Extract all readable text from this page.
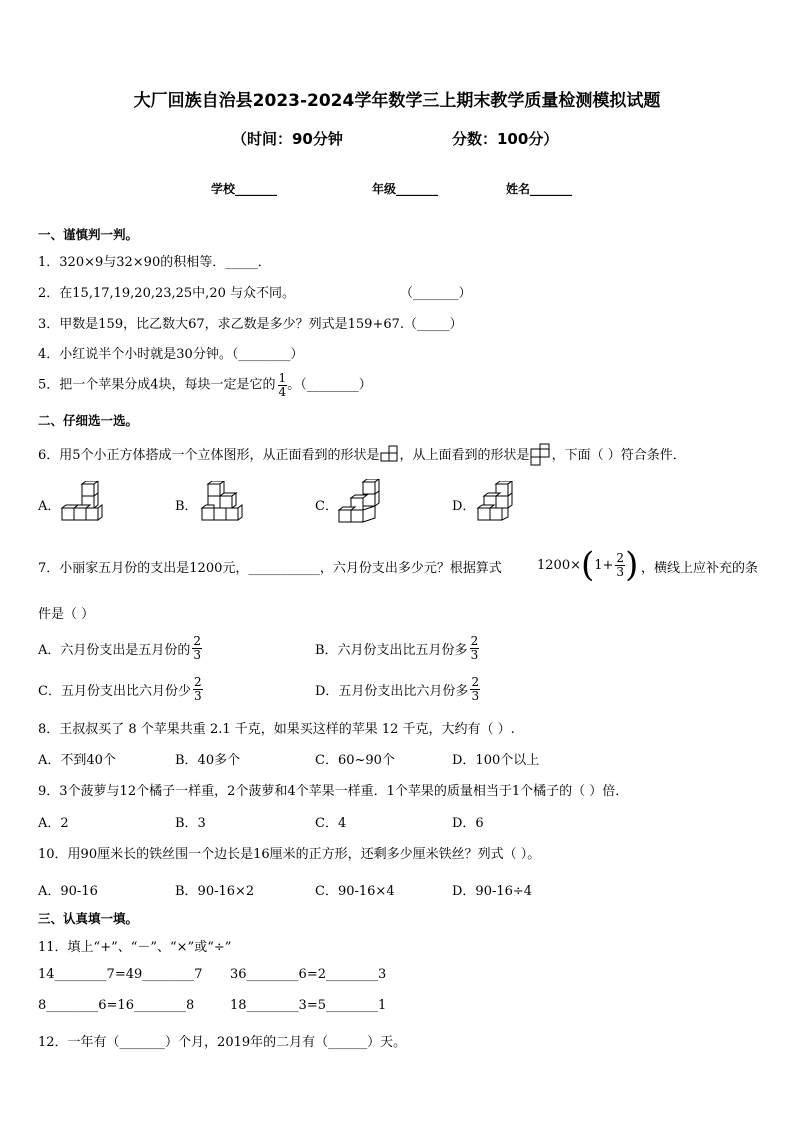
大厂回族自治县2023-2024学年数学三上期末教学质量检测模拟试题
（时间：90分钟	分数：100分）
学校_______	年级_______	姓名_______
一、谨慎判一判。
1．320×9与32×90的积相等．_____．
2．在15,17,19,20,23,25中,20 与众不同。	（_______）
3．甲数是159，比乙数大67，求乙数是多少？列式是159+67.（_____）
4．小红说半个小时就是30分钟。（________）
5．把一个苹果分成4块，每块一定是它的 $\frac{1}{4}$ 。（________）
二、仔细选一选。
6．用5个小正方体搭成一个立体图形，从正面看到的形状是 ，从上面看到的形状是 ，下面（ ）符合条件．
A．	B．	C．	D．
7．小丽家五月份的支出是1200元，___________，六月份支出多少元？根据算式	1200× ( $1+ \frac{2}{3}$ ) ，横线上应补充的条
件是（ ）
A．六月份支出是五月份的 $\frac{2}{3}$	B．六月份支出比五月份多 $\frac{2}{3}$
C．五月份支出比六月份少 $\frac{2}{3}$	D．五月份支出比六月份多 $\frac{2}{3}$
8．王叔叔买了 8 个苹果共重 2.1 千克，如果买这样的苹果 12 千克，大约有（ ）.
A．不到40个	B．40多个	C．60~90个	D．100个以上
9．3个菠萝与12个橘子一样重，2个菠萝和4个苹果一样重．1个苹果的质量相当于1个橘子的（ ）倍．
A．2	B．3	C．4	D．6
10．用90厘米长的铁丝围一个边长是16厘米的正方形，还剩多少厘米铁丝？列式（ ）。
A．90-16	B．90-16×2	C．90-16×4	D．90-16÷4
三、认真填一填。
11．填上“+”、“－”、“×”或“÷”
14________7=49________7 36________6=2________3
8________6=16________8	18________3=5________1
12．一年有（_______）个月，2019年的二月有（______）天。
